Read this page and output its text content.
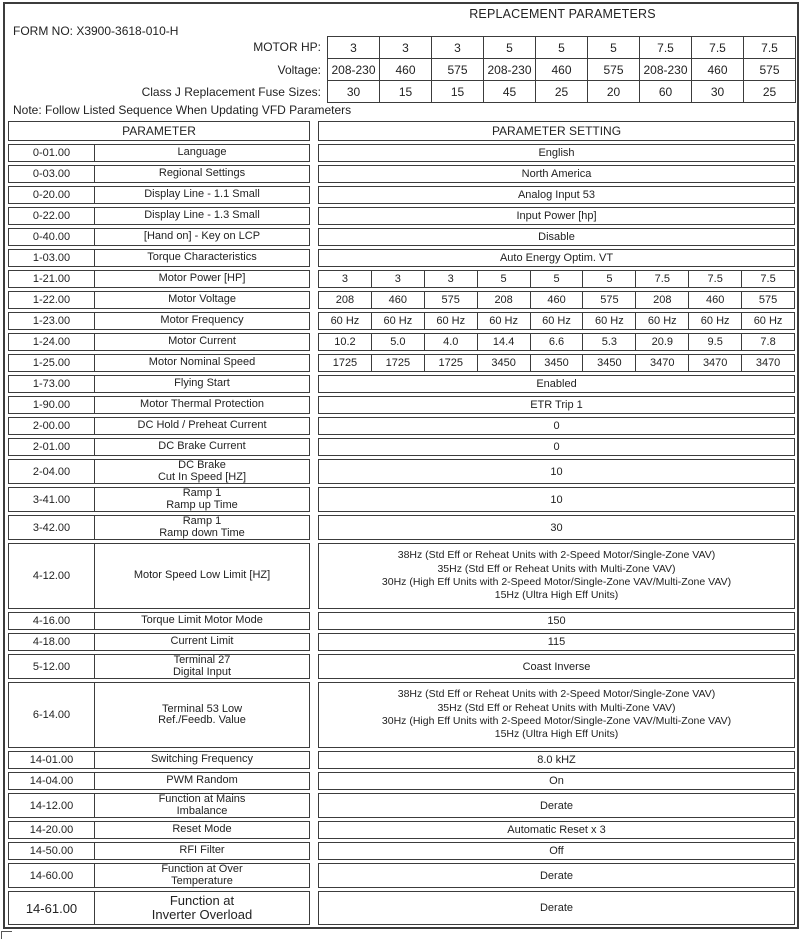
REPLACEMENT PARAMETERS
FORM NO: X3900-3618-010-H
MOTOR HP:	3	3	3	5	5	5	7.5	7.5	7.5
Voltage: 208-230	460	575	208-230	460	575	208-230	460	575
Class J Replacement Fuse Sizes:	30	15	15	45	25	20	60	30	25
Note: Follow Listed Sequence When Updating VFD Parameters
PARAMETER	PARAMETER SETTING
0-01.00	Language	English
0-03.00	Regional Settings	North America
0-20.00	Display Line - 1.1 Small	Analog Input 53
0-22.00	Display Line - 1.3 Small	Input Power [hp]
0-40.00	[Hand on] - Key on LCP	Disable
1-03.00	Torque Characteristics	Auto Energy Optim. VT
1-21.00	Motor Power [HP]	3	3	3	5	5	5	7.5	7.5	7.5
1-22.00	Motor Voltage	208	460	575	208	460	575	208	460	575
1-23.00	Motor Frequency	60 Hz	60 Hz	60 Hz	60 Hz	60 Hz	60 Hz	60 Hz	60 Hz	60 Hz
1-24.00	Motor Current	10.2	5.0	4.0	14.4	6.6	5.3	20.9	9.5	7.8
1-25.00	Motor Nominal Speed	1725	1725	1725	3450	3450	3450	3470	3470	3470
1-73.00	Flying Start	Enabled
1-90.00	Motor Thermal Protection	ETR Trip 1
2-00.00	DC Hold / Preheat Current	0
2-01.00	DC Brake Current	0
2-04.00
DC Brake
Cut In Speed [HZ]	10
3-41.00
Ramp 1
Ramp up Time	10
3-42.00
Ramp 1
Ramp down Time	30
4-12.00	Motor Speed Low Limit [HZ]
38Hz (Std Eff or Reheat Units with 2-Speed Motor/Single-Zone VAV)
35Hz (Std Eff or Reheat Units with Multi-Zone VAV)
30Hz (High Eff Units with 2-Speed Motor/Single-Zone VAV/Multi-Zone VAV)
15Hz (Ultra High Eff Units)
4-16.00	Torque Limit Motor Mode	150
4-18.00	Current Limit	115
5-12.00
Terminal 27
Digital Input	Coast Inverse
6-14.00
Terminal 53 Low
Ref./Feedb. Value
38Hz (Std Eff or Reheat Units with 2-Speed Motor/Single-Zone VAV)
35Hz (Std Eff or Reheat Units with Multi-Zone VAV)
30Hz (High Eff Units with 2-Speed Motor/Single-Zone VAV/Multi-Zone VAV)
15Hz (Ultra High Eff Units)
14-01.00	Switching Frequency	8.0 kHZ
14-04.00	PWM Random	On
14-12.00
Function at Mains
Imbalance	Derate
14-20.00	Reset Mode	Automatic Reset x 3
14-50.00	RFI Filter	Off
14-60.00
Function at Over
Temperature	Derate
14-61.00	Function at
Inverter Overload	Derate
